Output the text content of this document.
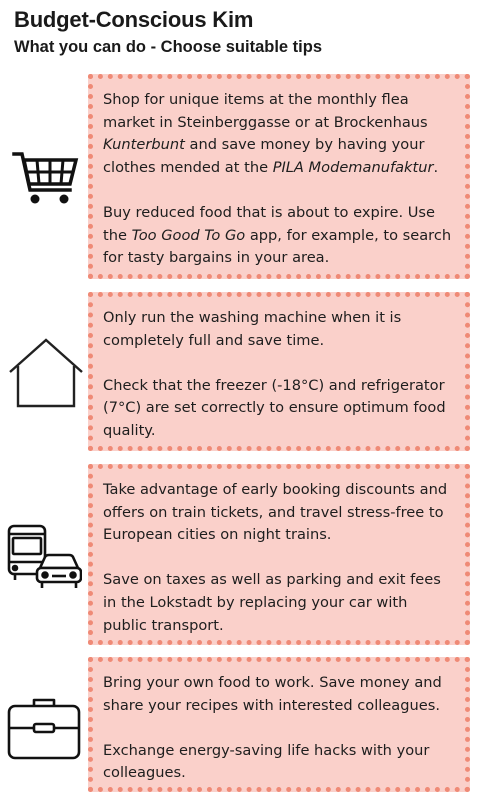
Budget-Conscious Kim
What you can do - Choose suitable tips

Shop for unique items at the monthly flea market in Steinberggasse or at Brockenhaus Kunterbunt and save money by having your clothes mended at the PILA Modemanufaktur.

Buy reduced food that is about to expire. Use the Too Good To Go app, for example, to search for tasty bargains in your area.

Only run the washing machine when it is completely full and save time.

Check that the freezer (-18°C) and refrigerator (7°C) are set correctly to ensure optimum food quality.

Take advantage of early booking discounts and offers on train tickets, and travel stress-free to European cities on night trains.

Save on taxes as well as parking and exit fees in the Lokstadt by replacing your car with public transport.

Bring your own food to work. Save money and share your recipes with interested colleagues.

Exchange energy-saving life hacks with your colleagues.
